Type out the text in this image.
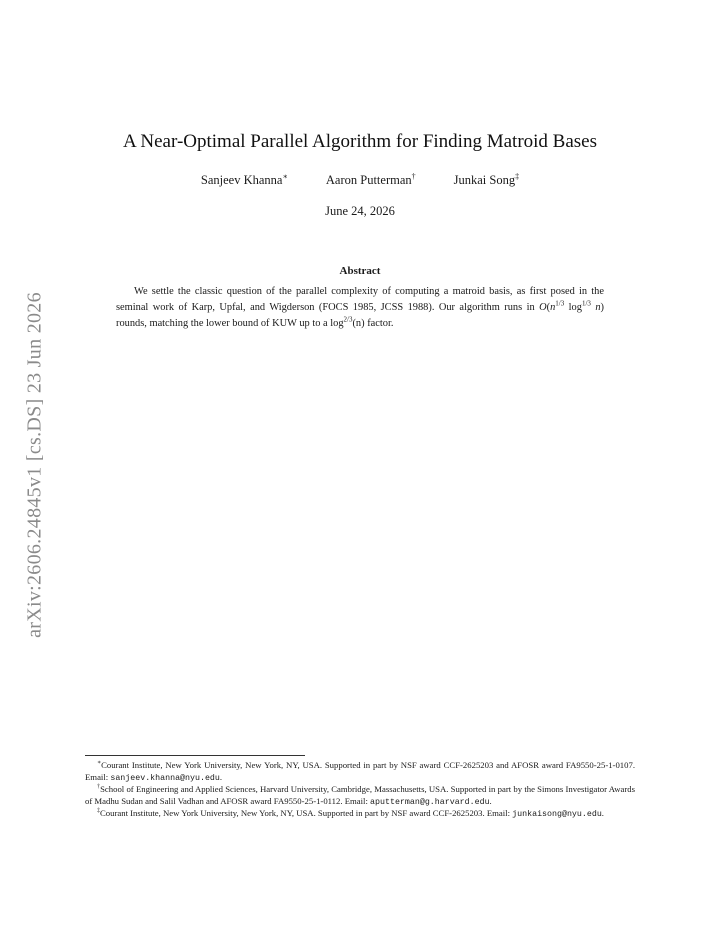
arXiv:2606.24845v1 [cs.DS] 23 Jun 2026
A Near-Optimal Parallel Algorithm for Finding Matroid Bases
Sanjeev Khanna∗	Aaron Putterman†	Junkai Song‡
June 24, 2026
Abstract
We settle the classic question of the parallel complexity of computing a matroid basis, as first posed in the seminal work of Karp, Upfal, and Wigderson (FOCS 1985, JCSS 1988). Our algorithm runs in $O(n^{1/3}$ $\log^{1/3} n$) rounds, matching the lower bound of KUW up to a $\log^{2/3}(n)$ factor.

∗Courant Institute, New York University, New York, NY, USA. Supported in part by NSF award CCF-2625203 and AFOSR award FA9550-25-1-0107. Email: sanjeev.khanna@nyu.edu.

†School of Engineering and Applied Sciences, Harvard University, Cambridge, Massachusetts, USA. Supported in part by the Simons Investigator Awards of Madhu Sudan and Salil Vadhan and AFOSR award FA9550-25-1-0112. Email: aputterman@g.harvard.edu.

‡Courant Institute, New York University, New York, NY, USA. Supported in part by NSF award CCF-2625203. Email: junkaisong@nyu.edu.
